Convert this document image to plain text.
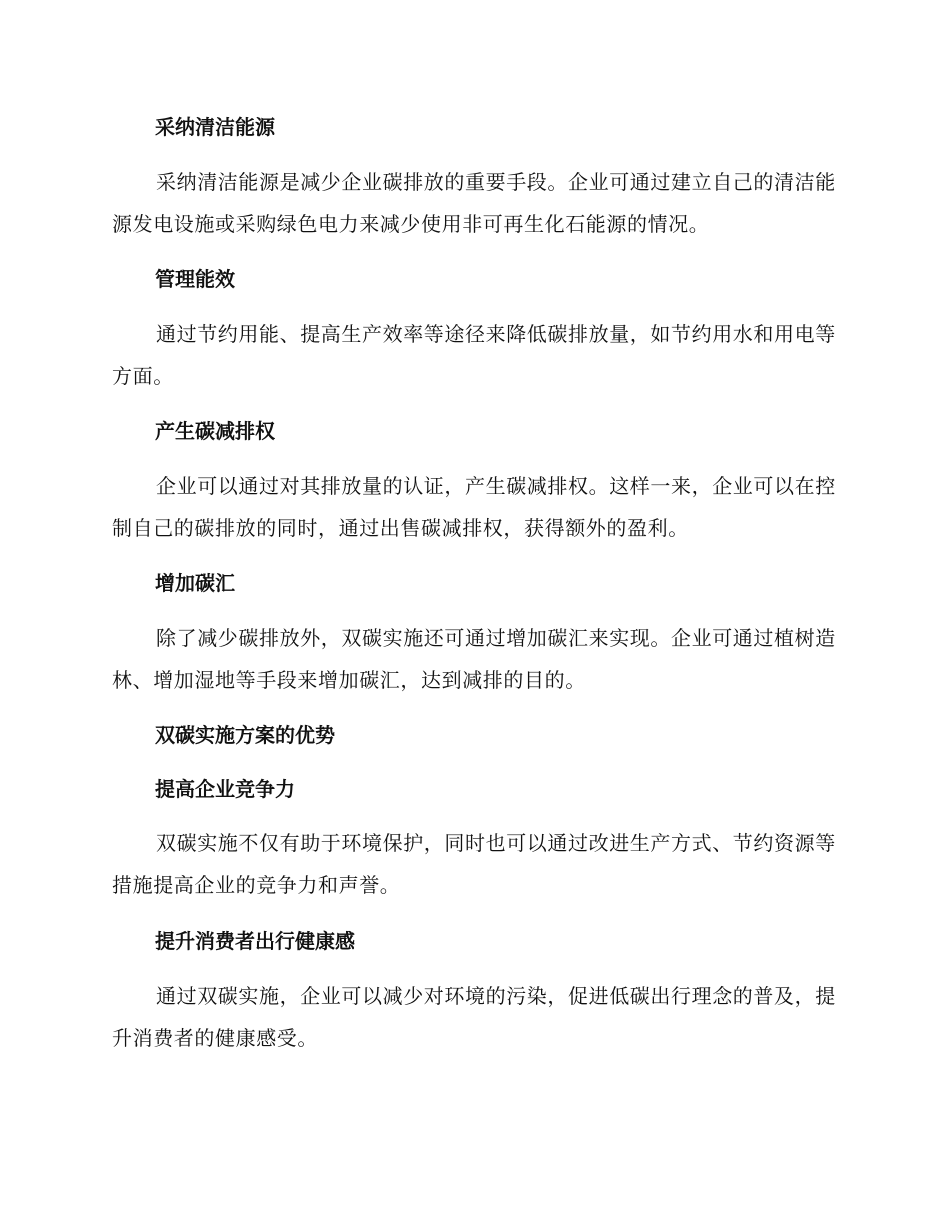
采纳清洁能源
采纳清洁能源是减少企业碳排放的重要手段。企业可通过建立自己的清洁能源发电设施或采购绿色电力来减少使用非可再生化石能源的情况。
管理能效
通过节约用能、提高生产效率等途径来降低碳排放量，如节约用水和用电等方面。
产生碳减排权
企业可以通过对其排放量的认证，产生碳减排权。这样一来，企业可以在控制自己的碳排放的同时，通过出售碳减排权，获得额外的盈利。
增加碳汇
除了减少碳排放外，双碳实施还可通过增加碳汇来实现。企业可通过植树造林、增加湿地等手段来增加碳汇，达到减排的目的。
双碳实施方案的优势
提高企业竞争力
双碳实施不仅有助于环境保护，同时也可以通过改进生产方式、节约资源等措施提高企业的竞争力和声誉。
提升消费者出行健康感
通过双碳实施，企业可以减少对环境的污染，促进低碳出行理念的普及，提升消费者的健康感受。
